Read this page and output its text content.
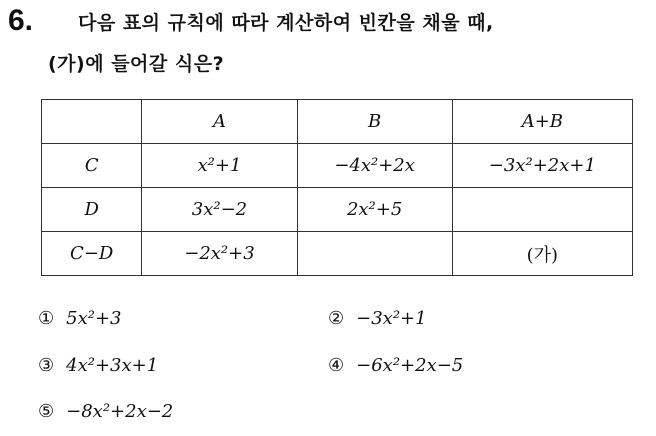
6. 다음 표의 규칙에 따라 계산하여 빈칸을 채울 때,
(가)에 들어갈 식은?
	A	B	A+B
C	x²+1	−4x²+2x	−3x²+2x+1
D	3x²−2	2x²+5	
C−D	−2x²+3		(가)
① 5x²+3	② −3x²+1
③ 4x²+3x+1	④ −6x²+2x−5
⑤ −8x²+2x−2
